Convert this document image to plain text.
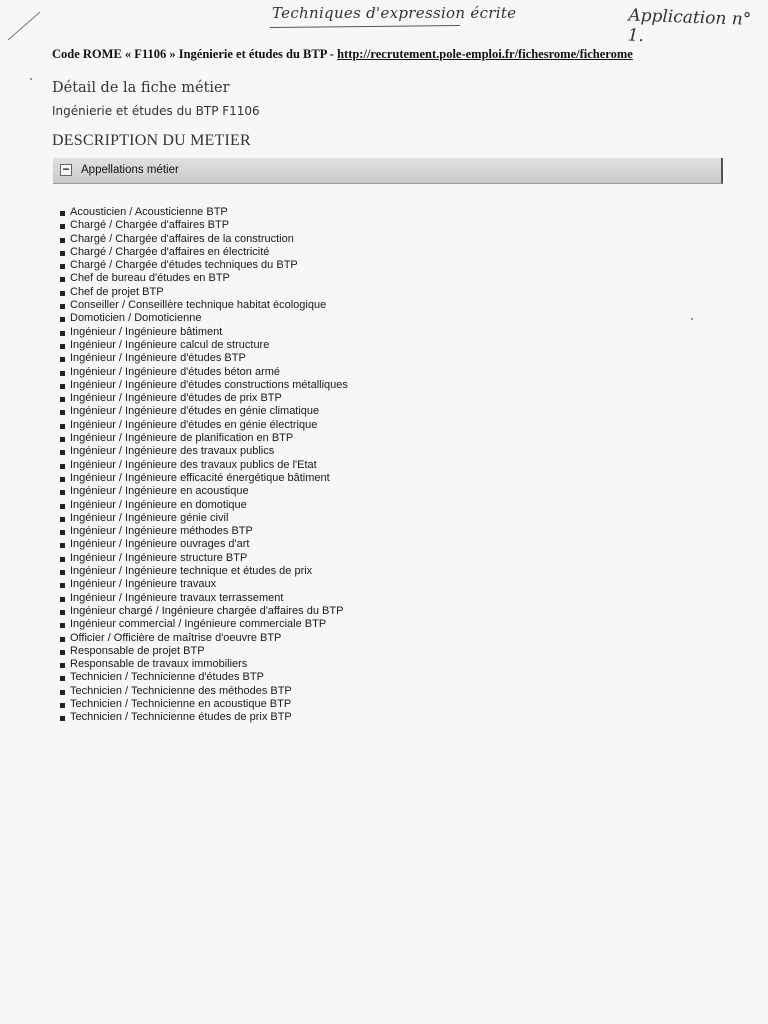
Techniques d'expression écrite	Application n° 1.
Code ROME « F1106 » Ingénierie et études du BTP - http://recrutement.pole-emploi.fr/fichesrome/ficherome
Détail de la fiche métier
Ingénierie et études du BTP F1106
DESCRIPTION DU METIER
− Appellations métier
Acousticien / Acousticienne BTP
Chargé / Chargée d'affaires BTP
Chargé / Chargée d'affaires de la construction
Chargé / Chargée d'affaires en électricité
Chargé / Chargée d'études techniques du BTP
Chef de bureau d'études en BTP
Chef de projet BTP
Conseiller / Conseillère technique habitat écologique
Domoticien / Domoticienne
Ingénieur / Ingénieure bâtiment
Ingénieur / Ingénieure calcul de structure
Ingénieur / Ingénieure d'études BTP
Ingénieur / Ingénieure d'études béton armé
Ingénieur / Ingénieure d'études constructions métalliques
Ingénieur / Ingénieure d'études de prix BTP
Ingénieur / Ingénieure d'études en génie climatique
Ingénieur / Ingénieure d'études en génie électrique
Ingénieur / Ingénieure de planification en BTP
Ingénieur / Ingénieure des travaux publics
Ingénieur / Ingénieure des travaux publics de l'Etat
Ingénieur / Ingénieure efficacité énergétique bâtiment
Ingénieur / Ingénieure en acoustique
Ingénieur / Ingénieure en domotique
Ingénieur / Ingénieure génie civil
Ingénieur / Ingénieure méthodes BTP
Ingénieur / Ingénieure ouvrages d'art
Ingénieur / Ingénieure structure BTP
Ingénieur / Ingénieure technique et études de prix
Ingénieur / Ingénieure travaux
Ingénieur / Ingénieure travaux terrassement
Ingénieur chargé / Ingénieure chargée d'affaires du BTP
Ingénieur commercial / Ingénieure commerciale BTP
Officier / Officière de maîtrise d'oeuvre BTP
Responsable de projet BTP
Responsable de travaux immobiliers
Technicien / Technicienne d'études BTP
Technicien / Technicienne des méthodes BTP
Technicien / Technicienne en acoustique BTP
Technicien / Technicienne études de prix BTP
